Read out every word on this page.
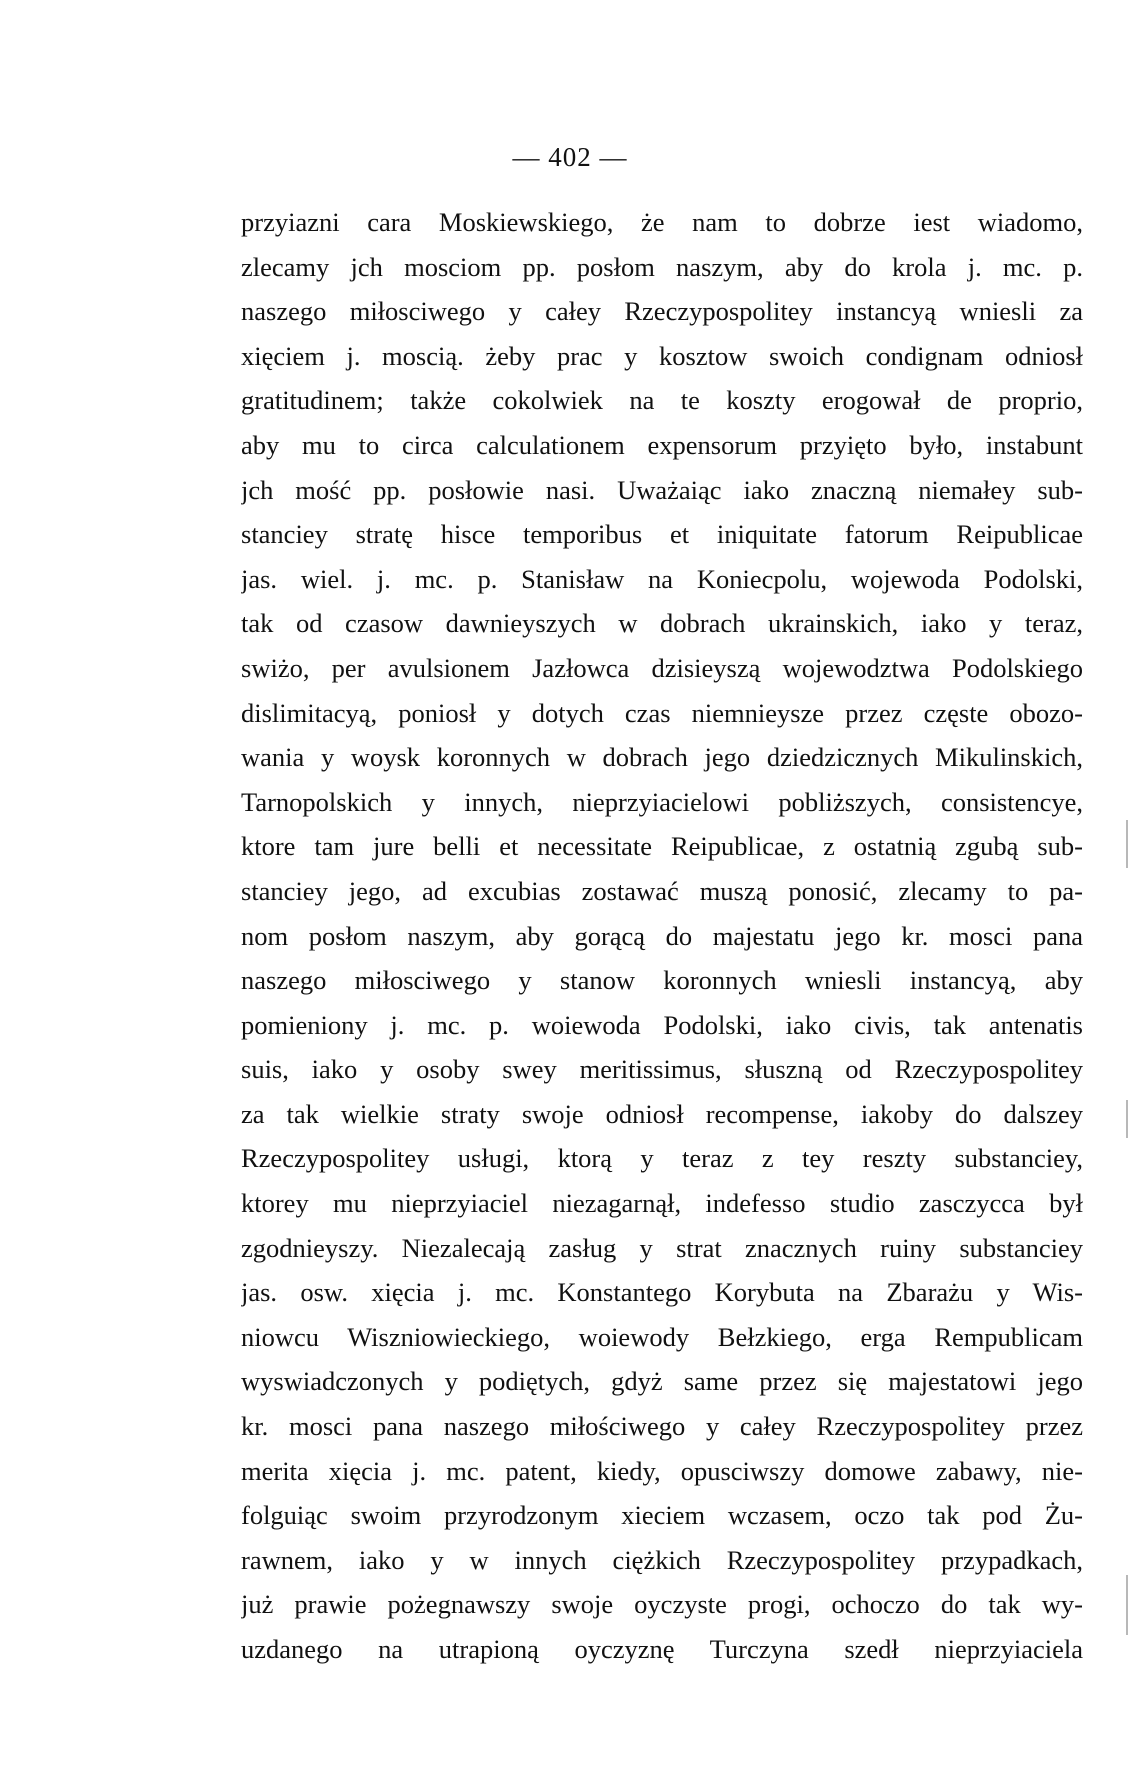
— 402 —
przyiazni cara Moskiewskiego, że nam to dobrze iest wiadomo,
zlecamy jch mosciom pp. posłom naszym, aby do krola j. mc. p.
naszego miłosciwego y całey Rzeczypospolitey instancyą wniesli za
xięciem j. moscią. żeby prac y kosztow swoich condignam odniosł
gratitudinem; także cokolwiek na te koszty erogował de proprio,
aby mu to circa calculationem expensorum przyięto było, instabunt
jch mość pp. posłowie nasi. Uważaiąc iako znaczną niemałey sub-
stanciey stratę hisce temporibus et iniquitate fatorum Reipublicae
jas. wiel. j. mc. p. Stanisław na Koniecpolu, wojewoda Podolski,
tak od czasow dawnieyszych w dobrach ukrainskich, iako y teraz,
swiżo, per avulsionem Jazłowca dzisieyszą wojewodztwa Podolskiego
dislimitacyą, poniosł y dotych czas niemnieysze przez częste obozo-
wania y woysk koronnych w dobrach jego dziedzicznych Mikulinskich,
Tarnopolskich y innych, nieprzyiacielowi pobliższych, consistencye,
ktore tam jure belli et necessitate Reipublicae, z ostatnią zgubą sub-
stanciey jego, ad excubias zostawać muszą ponosić, zlecamy to pa-
nom posłom naszym, aby gorącą do majestatu jego kr. mosci pana
naszego miłosciwego y stanow koronnych wniesli instancyą, aby
pomieniony j. mc. p. woiewoda Podolski, iako civis, tak antenatis
suis, iako y osoby swey meritissimus, słuszną od Rzeczypospolitey
za tak wielkie straty swoje odniosł recompense, iakoby do dalszey
Rzeczypospolitey usługi, ktorą y teraz z tey reszty substanciey,
ktorey mu nieprzyiaciel niezagarnął, indefesso studio zasczycca był
zgodnieyszy. Niezalecają zasług y strat znacznych ruiny substanciey
jas. osw. xięcia j. mc. Konstantego Korybuta na Zbarażu y Wis-
niowcu Wiszniowieckiego, woiewody Bełzkiego, erga Rempublicam
wyswiadczonych y podiętych, gdyż same przez się majestatowi jego
kr. mosci pana naszego miłościwego y całey Rzeczypospolitey przez
merita xięcia j. mc. patent, kiedy, opusciwszy domowe zabawy, nie-
folguiąc swoim przyrodzonym xieciem wczasem, oczo tak pod Żu-
rawnem, iako y w innych ciężkich Rzeczypospolitey przypadkach,
już prawie pożegnawszy swoje oyczyste progi, ochoczo do tak wy-
uzdanego na utrapioną oyczyznę Turczyna szedł nieprzyiaciela
